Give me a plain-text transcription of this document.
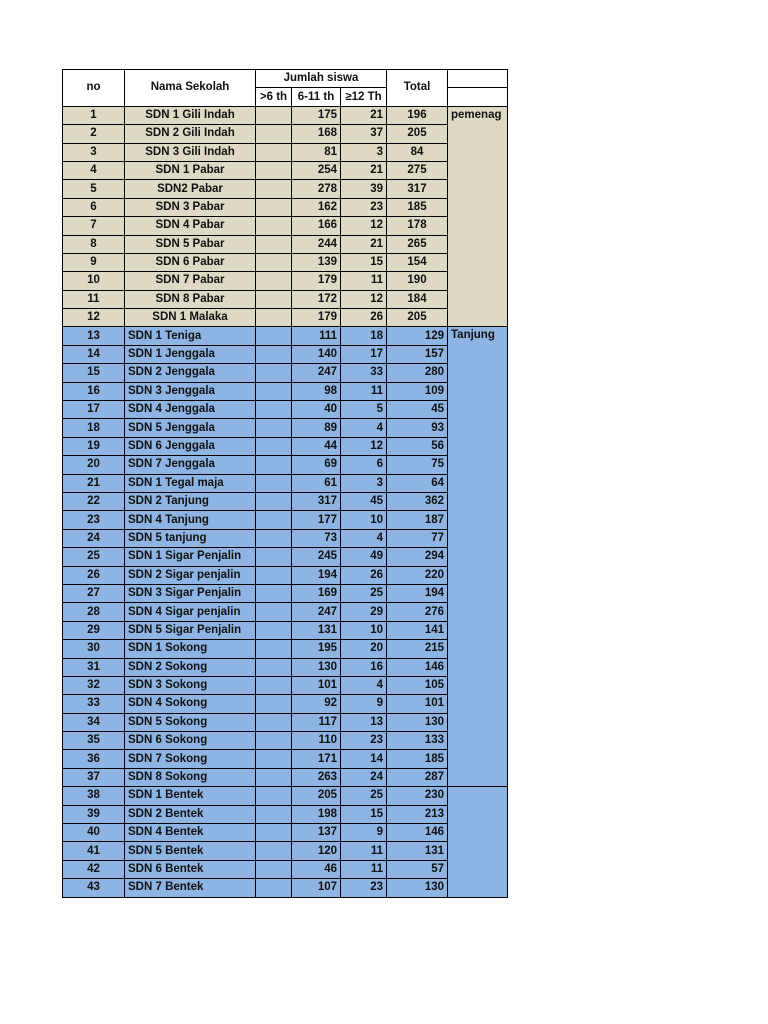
no	Nama Sekolah	Jumlah siswa			Total	
		>6 th	6-11 th	≥12 Th		
1	SDN 1 Gili Indah		175	21	196	pemenag
2	SDN 2 Gili Indah		168	37	205	
3	SDN 3 Gili Indah		81	3	84	
4	SDN 1 Pabar		254	21	275	
5	SDN2 Pabar		278	39	317	
6	SDN 3 Pabar		162	23	185	
7	SDN 4 Pabar		166	12	178	
8	SDN 5 Pabar		244	21	265	
9	SDN 6 Pabar		139	15	154	
10	SDN 7 Pabar		179	11	190	
11	SDN 8 Pabar		172	12	184	
12	SDN 1 Malaka		179	26	205	
13	SDN 1 Teniga		111	18	129	Tanjung
14	SDN 1 Jenggala		140	17	157	
15	SDN 2 Jenggala		247	33	280	
16	SDN 3 Jenggala		98	11	109	
17	SDN 4 Jenggala		40	5	45	
18	SDN 5 Jenggala		89	4	93	
19	SDN 6 Jenggala		44	12	56	
20	SDN 7 Jenggala		69	6	75	
21	SDN 1 Tegal maja		61	3	64	
22	SDN 2 Tanjung		317	45	362	
23	SDN 4 Tanjung		177	10	187	
24	SDN 5 tanjung		73	4	77	
25	SDN 1 Sigar Penjalin		245	49	294	
26	SDN 2 Sigar penjalin		194	26	220	
27	SDN 3 Sigar Penjalin		169	25	194	
28	SDN 4 Sigar penjalin		247	29	276	
29	SDN 5 Sigar Penjalin		131	10	141	
30	SDN 1 Sokong		195	20	215	
31	SDN 2 Sokong		130	16	146	
32	SDN 3 Sokong		101	4	105	
33	SDN 4 Sokong		92	9	101	
34	SDN 5 Sokong		117	13	130	
35	SDN 6 Sokong		110	23	133	
36	SDN 7 Sokong		171	14	185	
37	SDN 8 Sokong		263	24	287	
38	SDN 1 Bentek		205	25	230	
39	SDN 2 Bentek		198	15	213	
40	SDN 4 Bentek		137	9	146	
41	SDN 5 Bentek		120	11	131	
42	SDN 6 Bentek		46	11	57	
43	SDN 7 Bentek		107	23	130	
